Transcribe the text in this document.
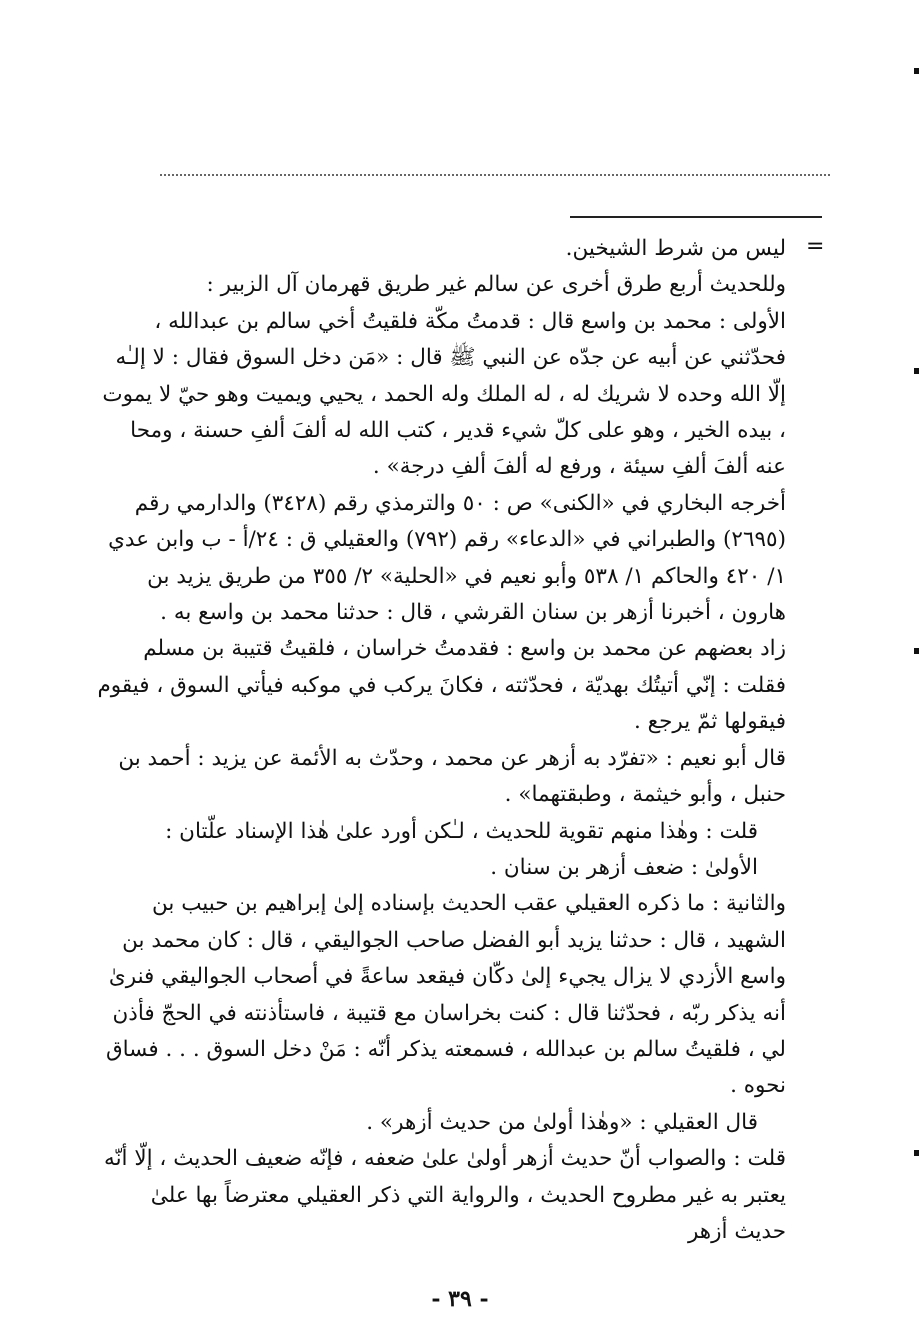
=

ليس من شرط الشيخين.

وللحديث أربع طرق أخرى عن سالم غير طريق قهرمان آل الزبير :

الأولى : محمد بن واسع قال : قدمتُ مكّة فلقيتُ أخي سالم بن عبدالله ، فحدّثني عن أبيه عن جدّه عن النبي ﷺ قال : «مَن دخل السوق فقال : لا إلـٰه إلّا الله وحده لا شريك له ، له الملك وله الحمد ، يحيي ويميت وهو حيّ لا يموت ، بيده الخير ، وهو على كلّ شيء قدير ، كتب الله له ألفَ ألفِ حسنة ، ومحا عنه ألفَ ألفِ سيئة ، ورفع له ألفَ ألفِ درجة» .

أخرجه البخاري في «الكنى» ص : ٥٠ والترمذي رقم (٣٤٢٨) والدارمي رقم (٢٦٩٥) والطبراني في «الدعاء» رقم (٧٩٢) والعقيلي ق : ٢٤/أ - ب وابن عدي ١/ ٤٢٠ والحاكم ١/ ٥٣٨ وأبو نعيم في «الحلية» ٢/ ٣٥٥ من طريق يزيد بن هارون ، أخبرنا أزهر بن سنان القرشي ، قال : حدثنا محمد بن واسع به .

زاد بعضهم عن محمد بن واسع : فقدمتُ خراسان ، فلقيتُ قتيبة بن مسلم فقلت : إنّي أتيتُك بهديّة ، فحدّثته ، فكانَ يركب في موكبه فيأتي السوق ، فيقوم فيقولها ثمّ يرجع .

قال أبو نعيم : «تفرّد به أزهر عن محمد ، وحدّث به الأئمة عن يزيد : أحمد بن حنبل ، وأبو خيثمة ، وطبقتهما» .

قلت : وهٰذا منهم تقوية للحديث ، لـٰكن أورد علىٰ هٰذا الإسناد علّتان :

الأولىٰ : ضعف أزهر بن سنان .

والثانية : ما ذكره العقيلي عقب الحديث بإسناده إلىٰ إبراهيم بن حبيب بن الشهيد ، قال : حدثنا يزيد أبو الفضل صاحب الجواليقي ، قال : كان محمد بن واسع الأزدي لا يزال يجيء إلىٰ دكّان فيقعد ساعةً في أصحاب الجواليقي فنرىٰ أنه يذكر ربّه ، فحدّثنا قال : كنت بخراسان مع قتيبة ، فاستأذنته في الحجّ فأذن لي ، فلقيتُ سالم بن عبدالله ، فسمعته يذكر أنّه : مَنْ دخل السوق . . . فساق نحوه .

قال العقيلي : «وهٰذا أولىٰ من حديث أزهر» .

قلت : والصواب أنّ حديث أزهر أولىٰ علىٰ ضعفه ، فإنّه ضعيف الحديث ، إلّا أنّه يعتبر به غير مطروح الحديث ، والرواية التي ذكر العقيلي معترضاً بها علىٰ حديث أزهر

- ٣٩ -
